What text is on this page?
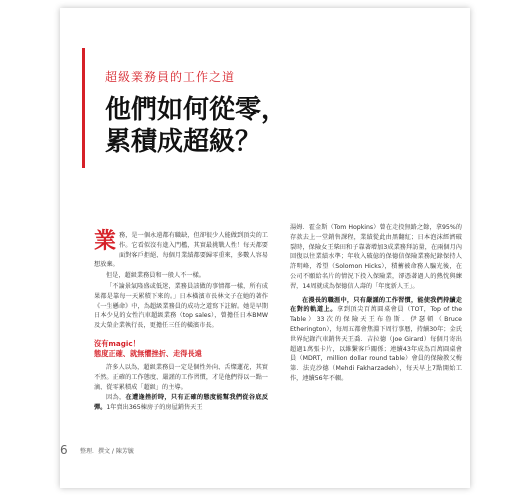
超級業務員的工作之道
他們如何從零，
累積成超級？

業務，是一個永遠都有職缺，但卻很少人能做到頂尖的工作。它看似沒有進入門檻，其實最挑戰人性！每天都要面對客戶拒絕、每個月業績都要歸零重來，多數人容易想放棄。

但是，超級業務員和一般人不一樣。

「不論景氣隆盛或低迷，業務員該做的事情都一樣，所有成果都是靠每一天累積下來的。」日本橫濱市長林文子在她的著作《一生懸命》中，為超級業務員的成功之道寫下註解。她是早期日本少見的女性汽車超級業務（top sales），曾擔任日本BMW及大榮企業執行長，更擔任三任的橫濱市長。

沒有magic！
態度正確、就無懼挫折、走得長遠

許多人以為，超級業務員一定是個性外向、舌燦蓮花，其實不然。正確的工作態度、嚴謹的工作習慣，才是他們得以一點一滴、從零累積成「超級」的主導。

因為，在遭逢挫折時，只有正確的態度能幫我們從谷底反彈。1年賣出365棟房子的房屋銷售天王

湯姆．霍金斯（Tom Hopkins）曾在走投無路之餘，拿95%的存款去上一堂銷售課程，業績從此由黑翻紅；日本泡沫經濟破裂時，保險女王柴田和子靠著增加3成業務拜訪量，在兩個月內回復以往業績水準；年收入破億的保德信保險業務紀錄保持人許明峰，希望（Solomon Hicks），積蓄被命務人騙光後，在公司不願給名片的情況下投入保險業，卻憑著過人的熱忱與練習，14周就成為保德信人壽的「年度新人王」。

在漫長的職涯中，只有嚴謹的工作習慣，能使我們持續走在對的軌道上。拿到頂尖百萬圓桌會員（TOT，Top of the Table）33次的保險天王布魯斯．伊瑟頓（Bruce Etherington），每周五都會焦淵下周行事曆，持續30年；金氏世界紀錄汽車銷售天王喬．吉拉德（Joe Girard）每個月寄出超過1萬張卡片，以維繫客戶關係；連續43年成為百萬圓桌會員（MDRT，million dollar round table）會員的保險教父梅第．法克沙德（Mehdi Fakharzadeh），每天早上7點開始工作，連續56年不輟。

6 整理．撰文 / 陳芳毓
